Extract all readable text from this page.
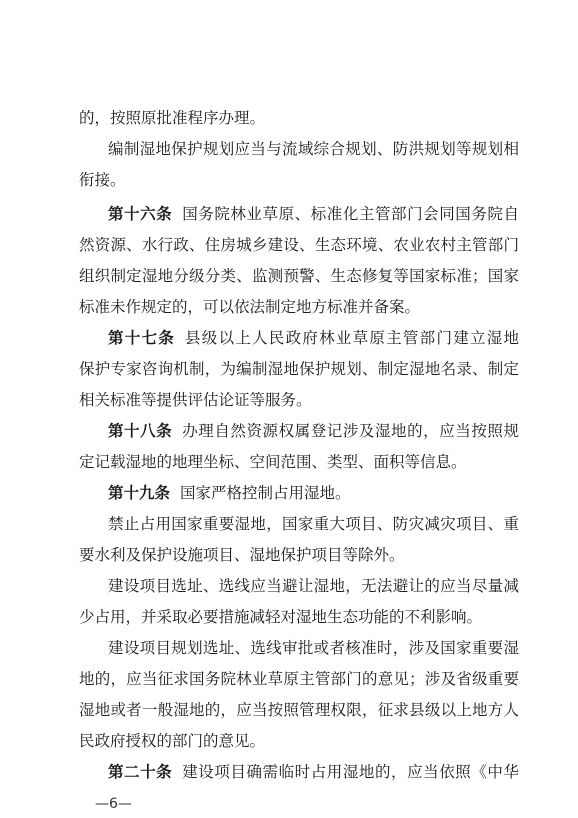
的，按照原批准程序办理。
编制湿地保护规划应当与流域综合规划、防洪规划等规划相
衔接。
第十六条 国务院林业草原、标准化主管部门会同国务院自
然资源、水行政、住房城乡建设、生态环境、农业农村主管部门
组织制定湿地分级分类、监测预警、生态修复等国家标准；国家
标准未作规定的，可以依法制定地方标准并备案。
第十七条 县级以上人民政府林业草原主管部门建立湿地
保护专家咨询机制，为编制湿地保护规划、制定湿地名录、制定
相关标准等提供评估论证等服务。
第十八条 办理自然资源权属登记涉及湿地的，应当按照规
定记载湿地的地理坐标、空间范围、类型、面积等信息。
第十九条 国家严格控制占用湿地。
禁止占用国家重要湿地，国家重大项目、防灾减灾项目、重
要水利及保护设施项目、湿地保护项目等除外。
建设项目选址、选线应当避让湿地，无法避让的应当尽量减
少占用，并采取必要措施减轻对湿地生态功能的不利影响。
建设项目规划选址、选线审批或者核准时，涉及国家重要湿
地的，应当征求国务院林业草原主管部门的意见；涉及省级重要
湿地或者一般湿地的，应当按照管理权限，征求县级以上地方人
民政府授权的部门的意见。
第二十条 建设项目确需临时占用湿地的，应当依照《中华
—6—
